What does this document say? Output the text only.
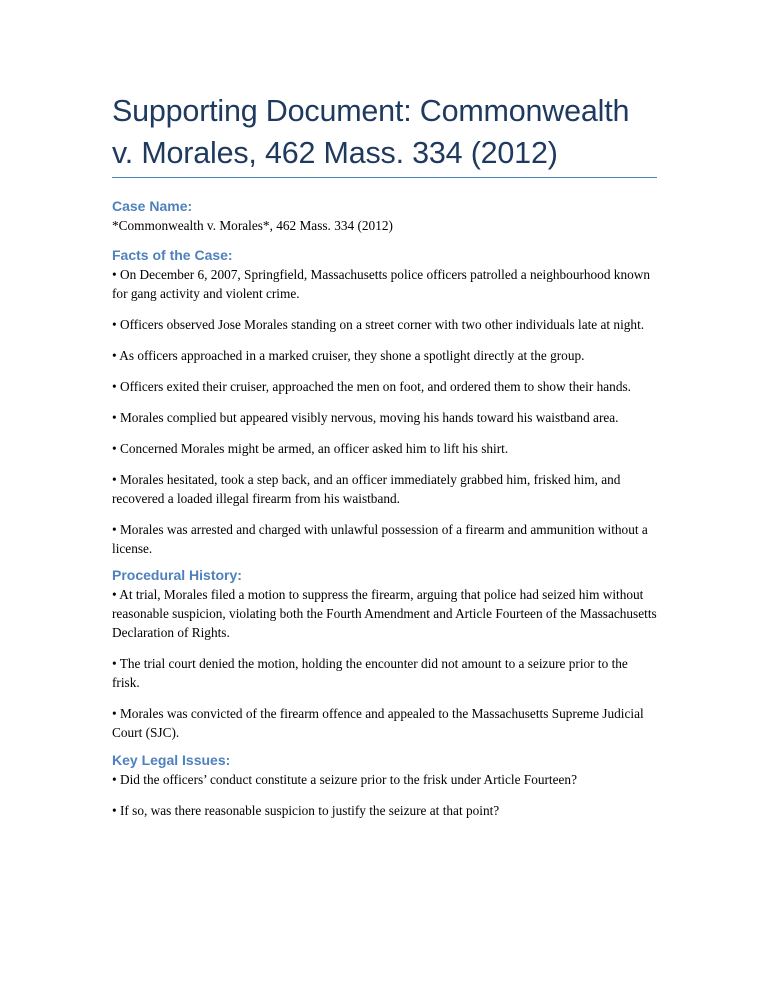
Supporting Document: Commonwealth v. Morales, 462 Mass. 334 (2012)
Case Name:

*Commonwealth v. Morales*, 462 Mass. 334 (2012)

Facts of the Case:

• On December 6, 2007, Springfield, Massachusetts police officers patrolled a neighbourhood known for gang activity and violent crime.

• Officers observed Jose Morales standing on a street corner with two other individuals late at night.

• As officers approached in a marked cruiser, they shone a spotlight directly at the group.

• Officers exited their cruiser, approached the men on foot, and ordered them to show their hands.

• Morales complied but appeared visibly nervous, moving his hands toward his waistband area.

• Concerned Morales might be armed, an officer asked him to lift his shirt.

• Morales hesitated, took a step back, and an officer immediately grabbed him, frisked him, and recovered a loaded illegal firearm from his waistband.

• Morales was arrested and charged with unlawful possession of a firearm and ammunition without a license.

Procedural History:

• At trial, Morales filed a motion to suppress the firearm, arguing that police had seized him without reasonable suspicion, violating both the Fourth Amendment and Article Fourteen of the Massachusetts Declaration of Rights.

• The trial court denied the motion, holding the encounter did not amount to a seizure prior to the frisk.

• Morales was convicted of the firearm offence and appealed to the Massachusetts Supreme Judicial Court (SJC).

Key Legal Issues:

• Did the officers’ conduct constitute a seizure prior to the frisk under Article Fourteen?

• If so, was there reasonable suspicion to justify the seizure at that point?
